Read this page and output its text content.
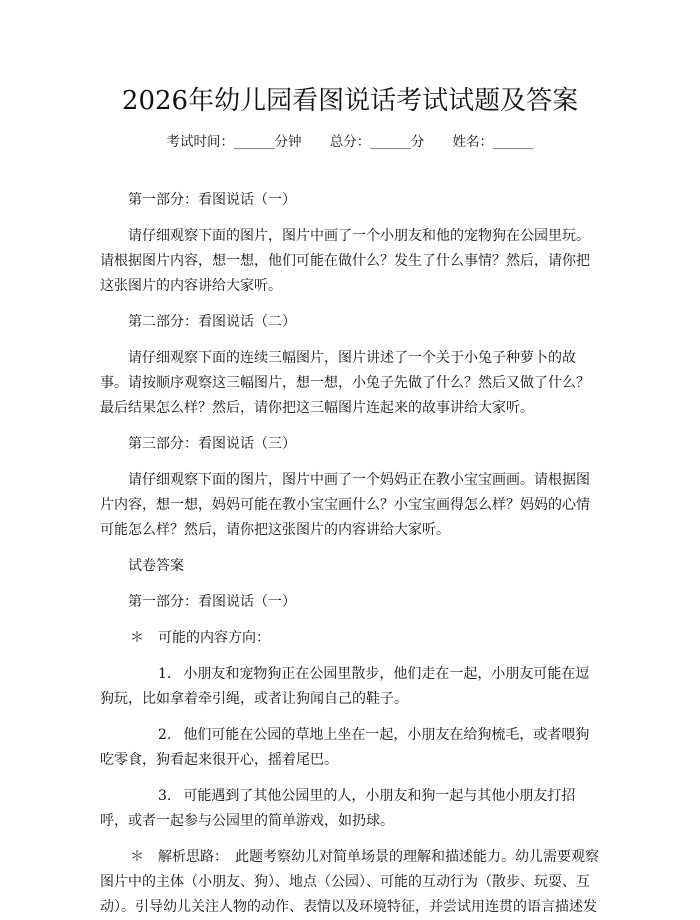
2026年幼儿园看图说话考试试题及答案
考试时间：______分钟 总分：______分 姓名：______

第一部分：看图说话（一）

请仔细观察下面的图片，图片中画了一个小朋友和他的宠物狗在公园里玩。请根据图片内容，想一想，他们可能在做什么？发生了什么事情？然后，请你把这张图片的内容讲给大家听。

第二部分：看图说话（二）

请仔细观察下面的连续三幅图片，图片讲述了一个关于小兔子种萝卜的故事。请按顺序观察这三幅图片，想一想，小兔子先做了什么？然后又做了什么？最后结果怎么样？然后，请你把这三幅图片连起来的故事讲给大家听。

第三部分：看图说话（三）

请仔细观察下面的图片，图片中画了一个妈妈正在教小宝宝画画。请根据图片内容，想一想，妈妈可能在教小宝宝画什么？小宝宝画得怎么样？妈妈的心情可能怎么样？然后，请你把这张图片的内容讲给大家听。

试卷答案

第一部分：看图说话（一）

＊ 可能的内容方向：

1. 小朋友和宠物狗正在公园里散步，他们走在一起，小朋友可能在逗狗玩，比如拿着牵引绳，或者让狗闻自己的鞋子。

2. 他们可能在公园的草地上坐在一起，小朋友在给狗梳毛，或者喂狗吃零食，狗看起来很开心，摇着尾巴。

3. 可能遇到了其他公园里的人，小朋友和狗一起与其他小朋友打招呼，或者一起参与公园里的简单游戏，如扔球。

＊ 解析思路：　此题考察幼儿对简单场景的理解和描述能力。幼儿需要观察图片中的主体（小朋友、狗）、地点（公园）、可能的互动行为（散步、玩耍、互动）。引导幼儿关注人物的动作、表情以及环境特征，并尝试用连贯的语言描述发
